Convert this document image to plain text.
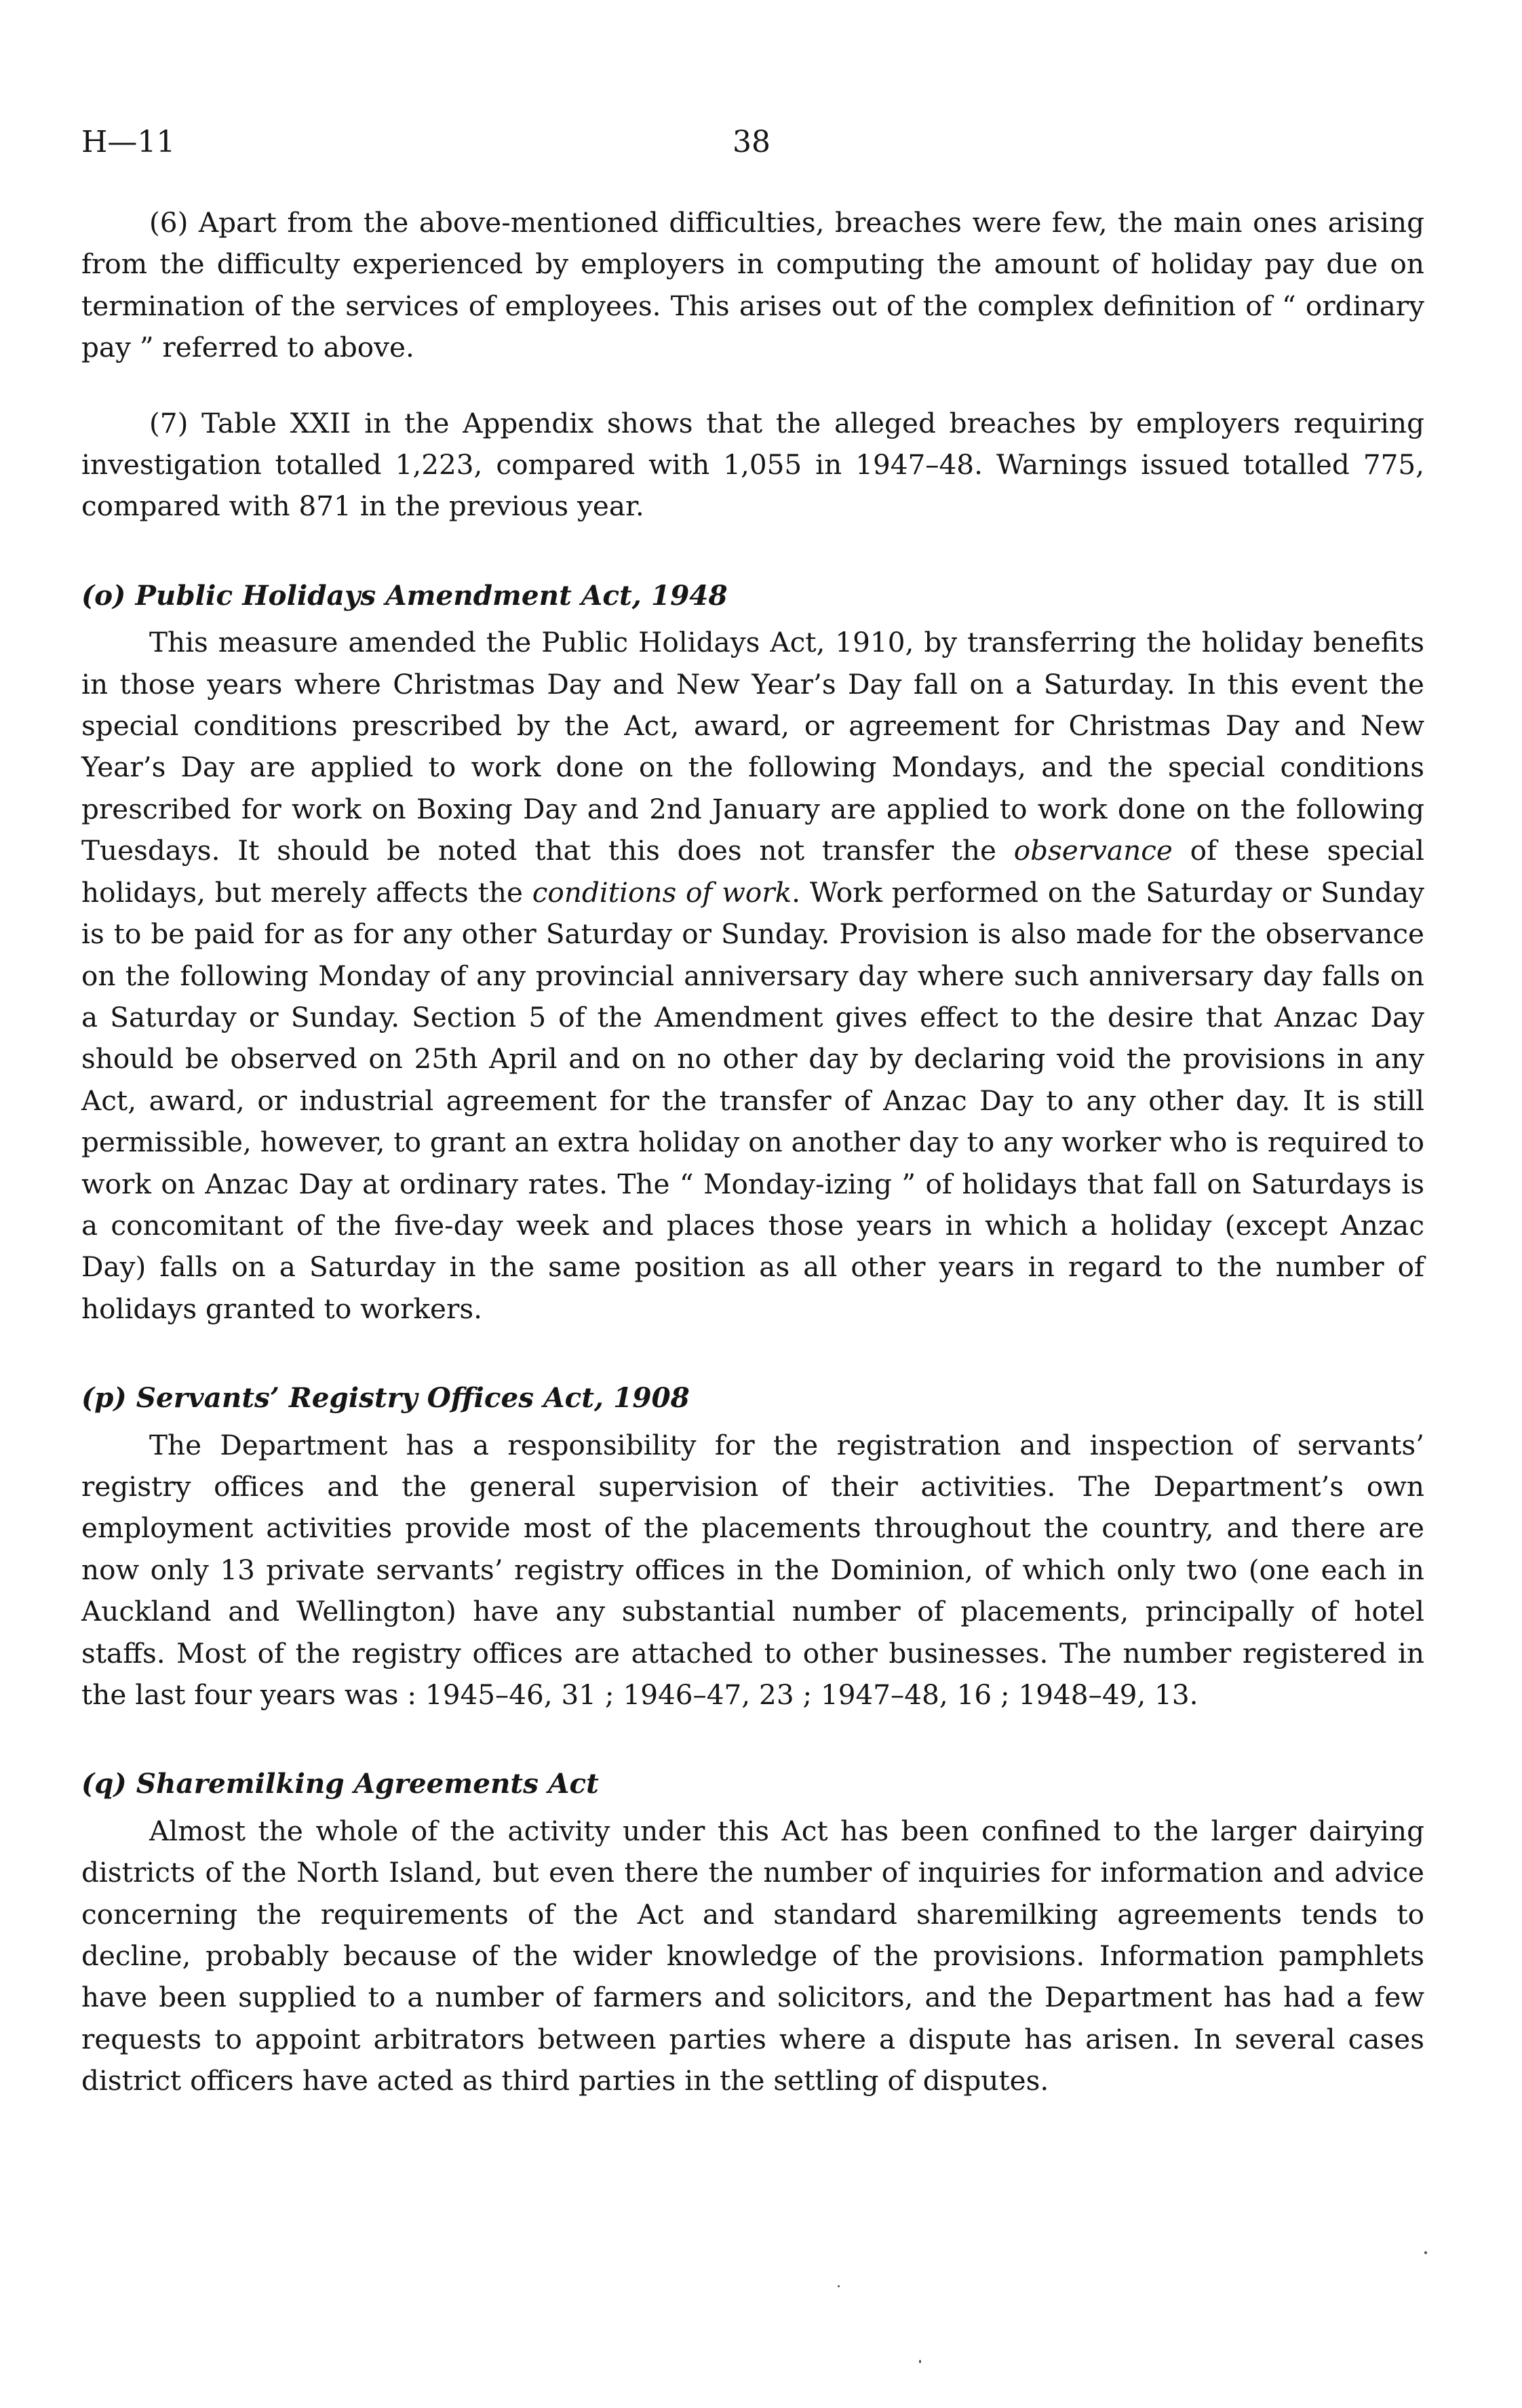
H—11	38

(6) Apart from the above-mentioned difficulties, breaches were few, the main ones arising from the difficulty experienced by employers in computing the amount of holiday pay due on termination of the services of employees. This arises out of the complex definition of “ ordinary pay ” referred to above.

(7) Table XXII in the Appendix shows that the alleged breaches by employers requiring investigation totalled 1,223, compared with 1,055 in 1947–48. Warnings issued totalled 775, compared with 871 in the previous year.

(o) Public Holidays Amendment Act, 1948

This measure amended the Public Holidays Act, 1910, by transferring the holiday benefits in those years where Christmas Day and New Year’s Day fall on a Saturday. In this event the special conditions prescribed by the Act, award, or agreement for Christmas Day and New Year’s Day are applied to work done on the following Mondays, and the special conditions prescribed for work on Boxing Day and 2nd January are applied to work done on the following Tuesdays. It should be noted that this does not transfer the observance of these special holidays, but merely affects the conditions of work. Work performed on the Saturday or Sunday is to be paid for as for any other Saturday or Sunday. Provision is also made for the observance on the following Monday of any provincial anniversary day where such anniversary day falls on a Saturday or Sunday. Section 5 of the Amendment gives effect to the desire that Anzac Day should be observed on 25th April and on no other day by declaring void the provisions in any Act, award, or industrial agreement for the transfer of Anzac Day to any other day. It is still permissible, however, to grant an extra holiday on another day to any worker who is required to work on Anzac Day at ordinary rates. The “ Monday-izing ” of holidays that fall on Saturdays is a concomitant of the five-day week and places those years in which a holiday (except Anzac Day) falls on a Saturday in the same position as all other years in regard to the number of holidays granted to workers.

(p) Servants’ Registry Offices Act, 1908

The Department has a responsibility for the registration and inspection of servants’ registry offices and the general supervision of their activities. The Department’s own employment activities provide most of the placements throughout the country, and there are now only 13 private servants’ registry offices in the Dominion, of which only two (one each in Auckland and Wellington) have any substantial number of placements, principally of hotel staffs. Most of the registry offices are attached to other businesses. The number registered in the last four years was : 1945–46, 31 ; 1946–47, 23 ; 1947–48, 16 ; 1948–49, 13.

(q) Sharemilking Agreements Act

Almost the whole of the activity under this Act has been confined to the larger dairying districts of the North Island, but even there the number of inquiries for information and advice concerning the requirements of the Act and standard sharemilking agreements tends to decline, probably because of the wider knowledge of the provisions. Information pamphlets have been supplied to a number of farmers and solicitors, and the Department has had a few requests to appoint arbitrators between parties where a dispute has arisen. In several cases district officers have acted as third parties in the settling of disputes.
